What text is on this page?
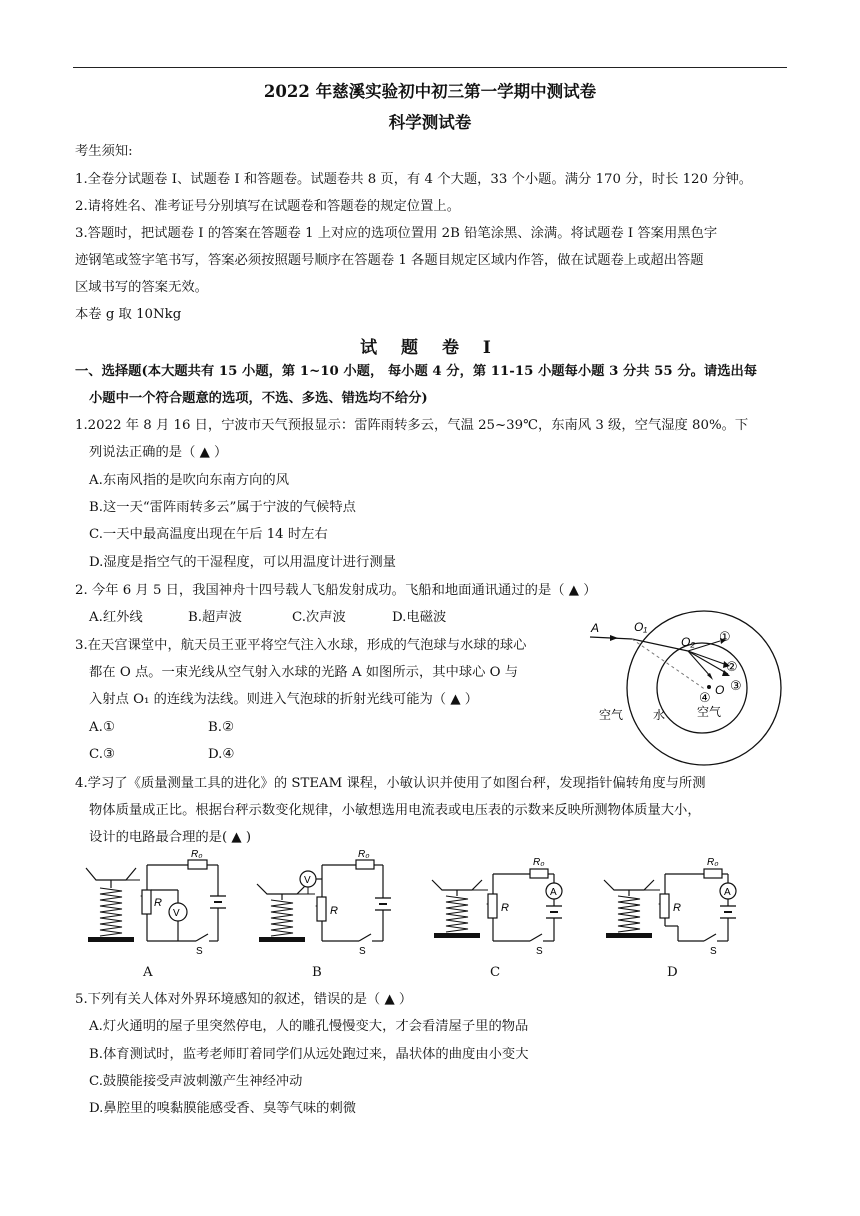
2022 年慈溪实验初中初三第一学期中测试卷
科学测试卷
考生须知:
1.全卷分试题卷 I、试题卷 I 和答题卷。试题卷共 8 页，有 4 个大题，33 个小题。满分 170 分，时长 120 分钟。
2.请将姓名、准考证号分别填写在试题卷和答题卷的规定位置上。
3.答题时，把试题卷 I 的答案在答题卷 1 上对应的选项位置用 2B 铅笔涂黑、涂满。将试题卷 I 答案用黑色字
迹钢笔或签字笔书写，答案必须按照题号顺序在答题卷 1 各题目规定区域内作答，做在试题卷上或超出答题
区域书写的答案无效。
本卷 g 取 10Nkg
试 题 卷 I
一、选择题(本大题共有 15 小题，第 1~10 小题， 每小题 4 分，第 11-15 小题每小题 3 分共 55 分。请选出每
小题中一个符合题意的选项，不选、多选、错选均不给分)
1.2022 年 8 月 16 日，宁波市天气预报显示：雷阵雨转多云，气温 25~39℃，东南风 3 级，空气湿度 80%。下
列说法正确的是（ ▲ ）
A.东南风指的是吹向东南方向的风
B.这一天“雷阵雨转多云”属于宁波的气候特点
C.一天中最高温度出现在午后 14 时左右
D.湿度是指空气的干湿程度，可以用温度计进行测量
2. 今年 6 月 5 日，我国神舟十四号载人飞船发射成功。飞船和地面通讯通过的是（ ▲ ）
A.红外线	B.超声波	C.次声波	D.电磁波
3.在天宫课堂中，航天员王亚平将空气注入水球，形成的气泡球与水球的球心
都在 O 点。一束光线从空气射入水球的光路 A 如图所示，其中球心 O 与
入射点 O₁ 的连线为法线。则进入气泡球的折射光线可能为（ ▲ ）
A.①	B.②
C.③	D.④
A	O₁
O₂
O
①
②
③
④
空气 水	空气
4.学习了《质量测量工具的进化》的 STEAM 课程，小敏认识并使用了如图台秤，发现指针偏转角度与所测
物体质量成正比。根据台秤示数变化规律，小敏想选用电流表或电压表的示数来反映所测物体质量大小，
设计的电路最合理的是( ▲ )
V
R
R₀
S
V
R
R₀
S
A
R
R₀
S
A
R
R₀
S
A	B	C	D
5.下列有关人体对外界环境感知的叙述，错误的是（ ▲ ）
A.灯火通明的屋子里突然停电，人的雕孔慢慢变大，才会看清屋子里的物品
B.体育测试时，监考老师盯着同学们从远处跑过来，晶状体的曲度由小变大
C.鼓膜能接受声波刺激产生神经冲动
D.鼻腔里的嗅黏膜能感受香、臭等气味的刺微
